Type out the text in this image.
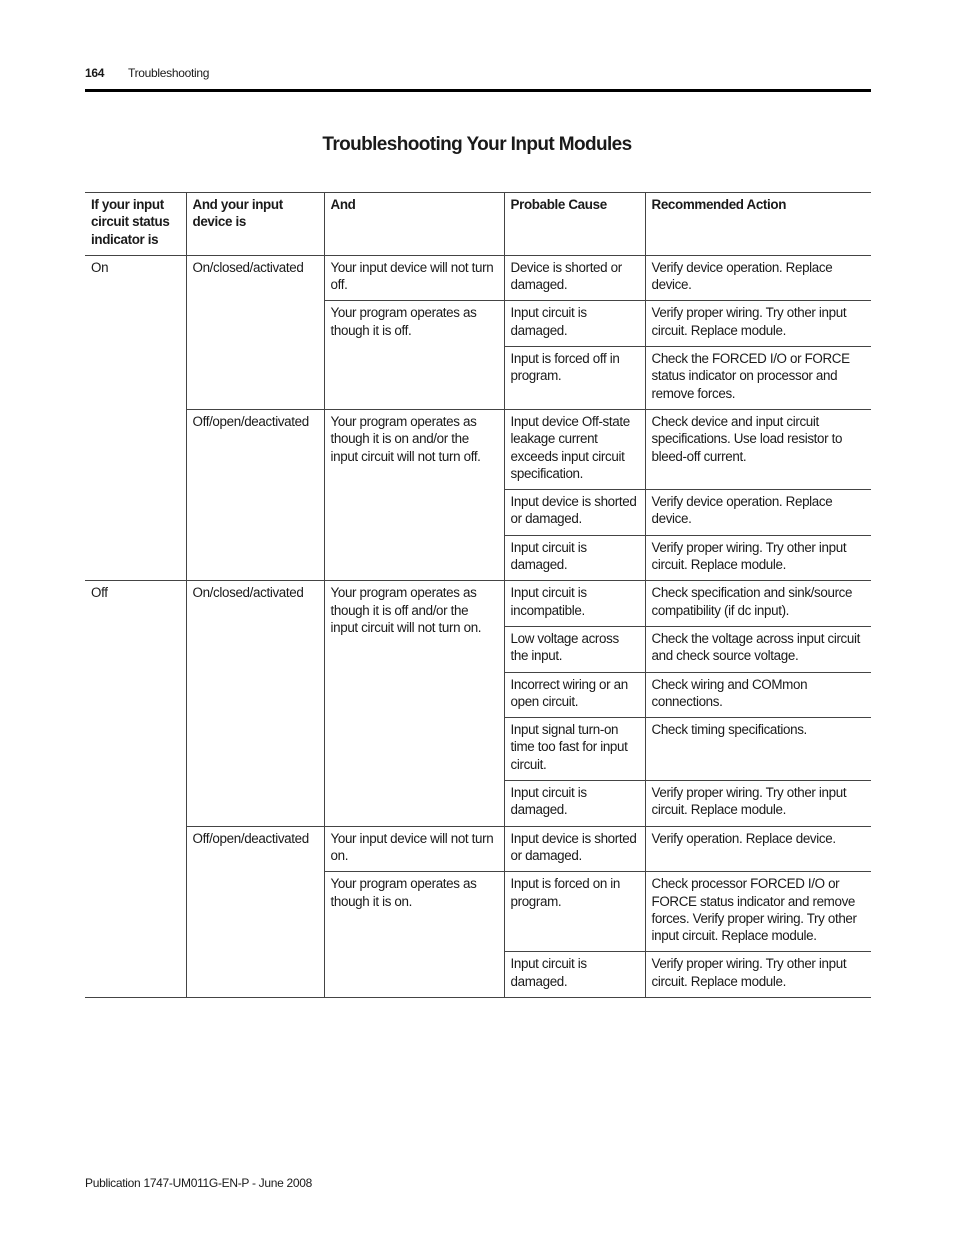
164 Troubleshooting
Troubleshooting Your Input Modules
If your input circuit status indicator is	And your input device is	And	Probable Cause	Recommended Action
On	On/closed/activated	Your input device will not turn off.	Device is shorted or damaged.	Verify device operation. Replace device.
		Your program operates as though it is off.	Input circuit is damaged.	Verify proper wiring. Try other input circuit. Replace module.
			Input is forced off in program.	Check the FORCED I/O or FORCE status indicator on processor and remove forces.
	Off/open/deactivated	Your program operates as though it is on and/or the input circuit will not turn off.	Input device Off-state leakage current exceeds input circuit specification.	Check device and input circuit specifications. Use load resistor to bleed-off current.
			Input device is shorted or damaged.	Verify device operation. Replace device.
			Input circuit is damaged.	Verify proper wiring. Try other input circuit. Replace module.
Off	On/closed/activated	Your program operates as though it is off and/or the input circuit will not turn on.	Input circuit is incompatible.	Check specification and sink/source compatibility (if dc input).
			Low voltage across the input.	Check the voltage across input circuit and check source voltage.
			Incorrect wiring or an open circuit.	Check wiring and COMmon connections.
			Input signal turn-on time too fast for input circuit.	Check timing specifications.
			Input circuit is damaged.	Verify proper wiring. Try other input circuit. Replace module.
	Off/open/deactivated	Your input device will not turn on.	Input device is shorted or damaged.	Verify operation. Replace device.
		Your program operates as though it is on.	Input is forced on in program.	Check processor FORCED I/O or FORCE status indicator and remove forces. Verify proper wiring. Try other input circuit. Replace module.
			Input circuit is damaged.	Verify proper wiring. Try other input circuit. Replace module.
Publication 1747-UM011G-EN-P - June 2008
